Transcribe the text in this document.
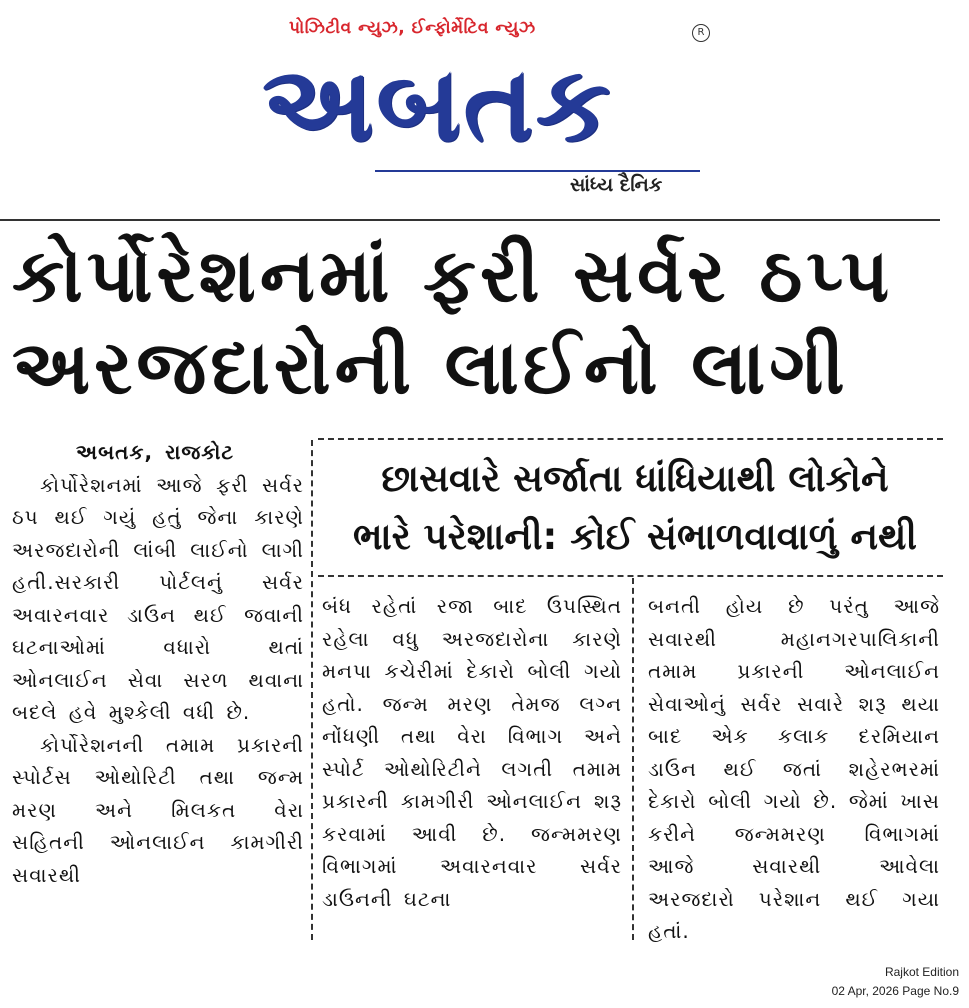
પોઝિટીવ ન્યુઝ, ઈન્ફોર્મેટિવ ન્યુઝ
અબતક
R
સાંધ્ય દૈનિક
કોર્પોરેશનમાં ફરી સર્વર ઠપ્પ
અરજદારોની લાઈનો લાગી
છાસવારે સર્જાતા ધાંધિયાથી લોકોને
ભારે પરેશાની: કોઈ સંભાળવાવાળું નથી
અબતક, રાજકોટ

કોર્પોરેશનમાં આજે ફરી સર્વર ઠપ થઈ ગયું હતું જેના કારણે અરજદારોની લાંબી લાઈનો લાગી હતી.સરકારી પોર્ટલનું સર્વર અવારનવાર ડાઉન થઈ જવાની ઘટનાઓમાં વધારો થતાં ઓનલાઈન સેવા સરળ થવાના બદલે હવે મુશ્કેલી વધી છે.

કોર્પોરેશનની તમામ પ્રકારની સ્પોર્ટસ ઓથોરિટી તથા જન્મ મરણ અને મિલકત વેરા સહિતની ઓનલાઈન કામગીરી સવારથી

બંધ રહેતાં રજા બાદ ઉપસ્થિત રહેલા વધુ અરજદારોના કારણે મનપા કચેરીમાં દેકારો બોલી ગયો હતો. જન્મ મરણ તેમજ લગ્ન નોંધણી તથા વેરા વિભાગ અને સ્પોર્ટ ઓથોરિટીને લગતી તમામ પ્રકારની કામગીરી ઓનલાઈન શરૂ કરવામાં આવી છે. જન્મમરણ વિભાગમાં અવારનવાર સર્વર ડાઉનની ઘટના

બનતી હોય છે પરંતુ આજે સવારથી મહાનગરપાલિકાની તમામ પ્રકારની ઓનલાઈન સેવાઓનું સર્વર સવારે શરૂ થયા બાદ એક કલાક દરમિયાન ડાઉન થઈ જતાં શહેરભરમાં દેકારો બોલી ગયો છે. જેમાં ખાસ કરીને જન્મમરણ વિભાગમાં આજે સવારથી આવેલા અરજદારો પરેશાન થઈ ગયા હતાં.

Rajkot Edition
02 Apr, 2026 Page No.9
